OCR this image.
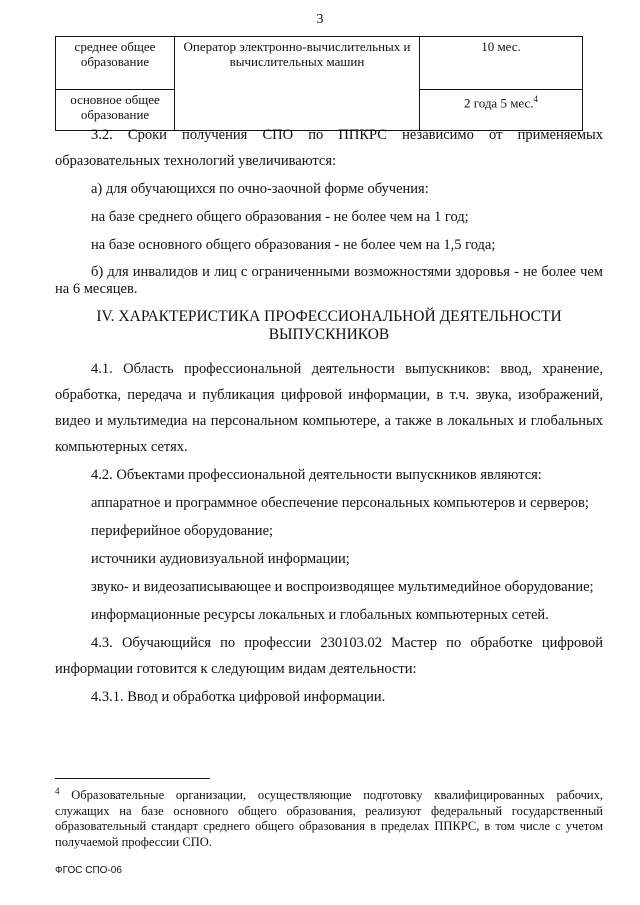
3
среднее общее образование	Оператор электронно-вычислительных и вычислительных машин	10 мес.
основное общее образование		2 года 5 мес.$^4$

3.2. Сроки получения СПО по ППКРС независимо от применяемых образовательных технологий увеличиваются:

а) для обучающихся по очно-заочной форме обучения:

на базе среднего общего образования - не более чем на 1 год;

на базе основного общего образования - не более чем на 1,5 года;

б) для инвалидов и лиц с ограниченными возможностями здоровья - не более чем на 6 месяцев.

IV. ХАРАКТЕРИСТИКА ПРОФЕССИОНАЛЬНОЙ ДЕЯТЕЛЬНОСТИ ВЫПУСКНИКОВ

4.1. Область профессиональной деятельности выпускников: ввод, хранение, обработка, передача и публикация цифровой информации, в т.ч. звука, изображений, видео и мультимедиа на персональном компьютере, а также в локальных и глобальных компьютерных сетях.

4.2. Объектами профессиональной деятельности выпускников являются:

аппаратное и программное обеспечение персональных компьютеров и серверов;

периферийное оборудование;

источники аудиовизуальной информации;

звуко- и видеозаписывающее и воспроизводящее мультимедийное оборудование;

информационные ресурсы локальных и глобальных компьютерных сетей.

4.3. Обучающийся по профессии 230103.02 Мастер по обработке цифровой информации готовится к следующим видам деятельности:

4.3.1. Ввод и обработка цифровой информации.

$^4$ Образовательные организации, осуществляющие подготовку квалифицированных рабочих, служащих на базе основного общего образования, реализуют федеральный государственный образовательный стандарт среднего общего образования в пределах ППКРС, в том числе с учетом получаемой профессии СПО.
ФГОС СПО-06
